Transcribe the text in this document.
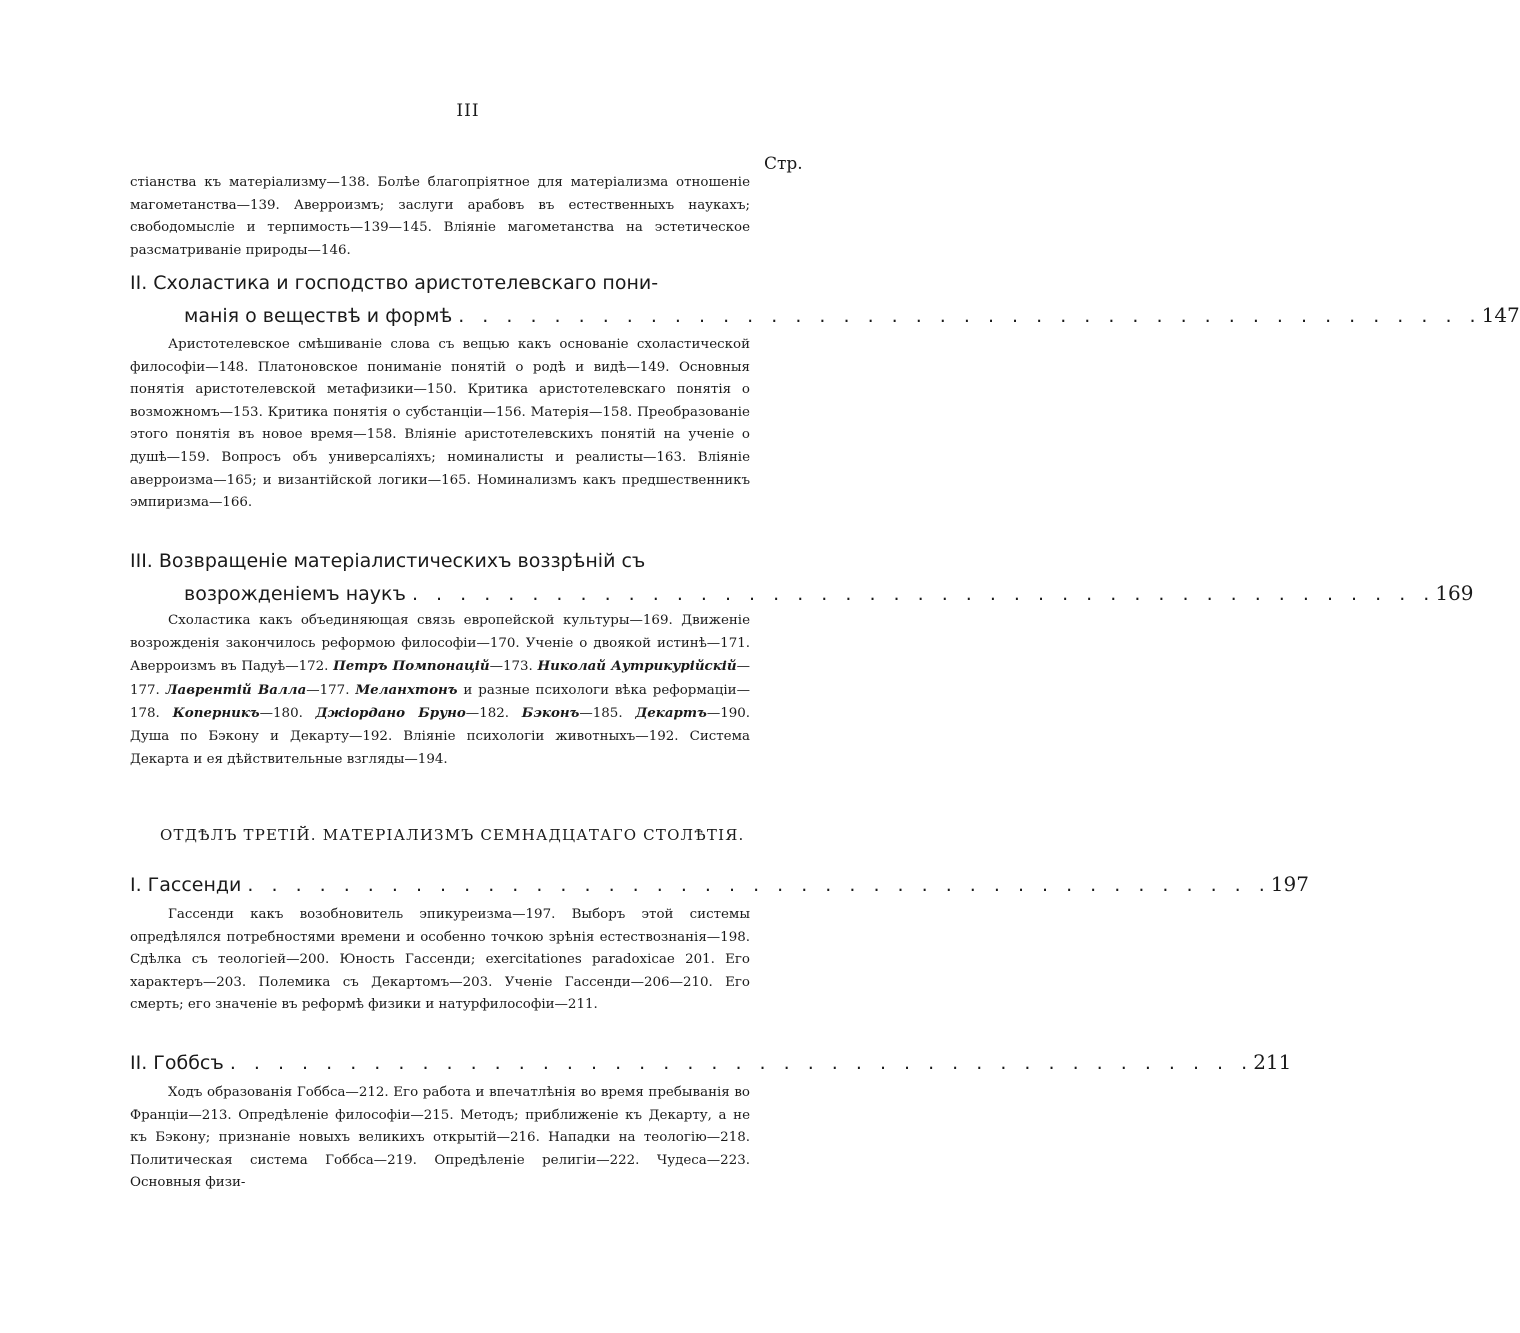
III
Стр.

стіанства къ матеріализму—138. Болѣе благопріятное для матеріализма отношеніе магометанства—139. Аверроизмъ; заслуги арабовъ въ естественныхъ наукахъ; свободомысліе и терпимость—139—145. Вліяніе магометанства на эстетическое разсматриваніе природы—146.

II. Схоластика и господство аристотелевскаго пони-
манія о веществѣ и формѣ . . . . . . . . . . . . . . . . . . . . . . . . . . . . . . . . . . . . . . . . . . . 147

Аристотелевское смѣшиваніе слова съ вещью какъ основаніе схоластической философіи—148. Платоновское пониманіе понятій о родѣ и видѣ—149. Основныя понятія аристотелевской метафизики—150. Критика аристотелевскаго понятія о возможномъ—153. Критика понятія о субстанціи—156. Матерія—158. Преобразованіе этого понятія въ новое время—158. Вліяніе аристотелевскихъ понятій на ученіе о душѣ—159. Вопросъ объ универсаліяхъ; номиналисты и реалисты—163. Вліяніе аверроизма—165; и византійской логики—165. Номинализмъ какъ предшественникъ эмпиризма—166.

III. Возвращеніе матеріалистическихъ воззрѣній съ
возрожденіемъ наукъ . . . . . . . . . . . . . . . . . . . . . . . . . . . . . . . . . . . . . . . . . . . 169

Схоластика какъ объединяющая связь европейской культуры—169. Движеніе возрожденія закончилось реформою философіи—170. Ученіе о двоякой истинѣ—171. Аверроизмъ въ Падуѣ—172. Петръ Помпонацій—173. Николай Аутрикурійскій—177. Лаврентій Валла—177. Меланхтонъ и разные психологи вѣка реформаціи—178. Коперникъ—180. Джіордано Бруно—182. Бэконъ—185. Декартъ—190. Душа по Бэкону и Декарту—192. Вліяніе психологіи животныхъ—192. Система Декарта и ея дѣйствительные взгляды—194.

ОТДѢЛЪ ТРЕТІЙ. МАТЕРІАЛИЗМЪ СЕМНАДЦАТАГО СТОЛѢТІЯ.
I. Гассенди . . . . . . . . . . . . . . . . . . . . . . . . . . . . . . . . . . . . . . . . . . . 197

Гассенди какъ возобновитель эпикуреизма—197. Выборъ этой системы опредѣлялся потребностями времени и особенно точкою зрѣнія естествознанія—198. Сдѣлка съ теологіей—200. Юность Гассенди; exercitationes paradoxicae 201. Его характеръ—203. Полемика съ Декартомъ—203. Ученіе Гассенди—206—210. Его смерть; его значеніе въ реформѣ физики и натурфилософіи—211.

II. Гоббсъ . . . . . . . . . . . . . . . . . . . . . . . . . . . . . . . . . . . . . . . . . . . 211

Ходъ образованія Гоббса—212. Его работа и впечатлѣнія во время пребыванія во Франціи—213. Опредѣленіе философіи—215. Методъ; приближеніе къ Декарту, а не къ Бэкону; признаніе новыхъ великихъ открытій—216. Нападки на теологію—218. Политическая система Гоббса—219. Опредѣленіе религіи—222. Чудеса—223. Основныя физи-
